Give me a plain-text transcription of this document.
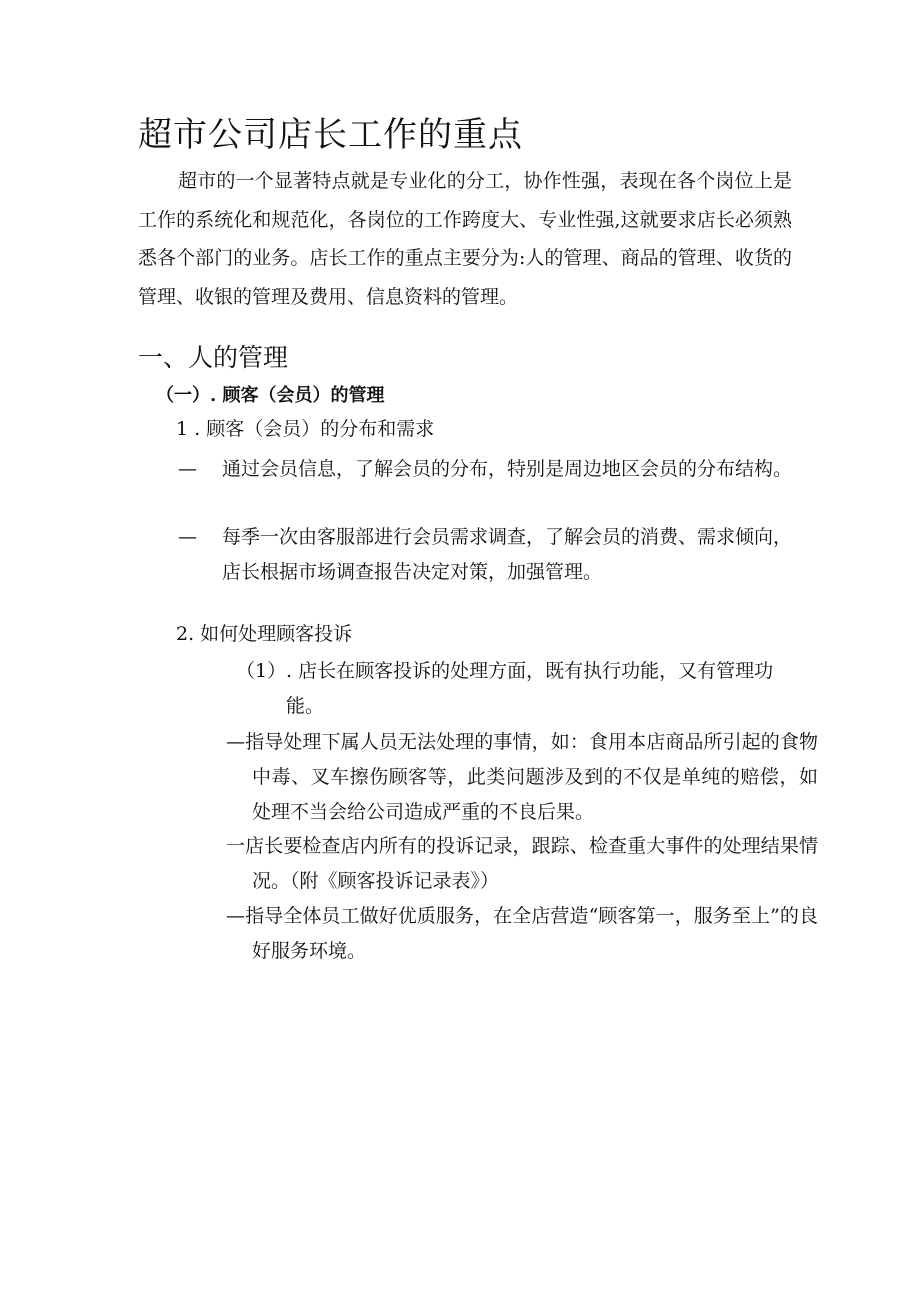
超市公司店长工作的重点

超市的一个显著特点就是专业化的分工，协作性强，表现在各个岗位上是工作的系统化和规范化，各岗位的工作跨度大、专业性强,这就要求店长必须熟悉各个部门的业务。店长工作的重点主要分为:人的管理、商品的管理、收货的管理、收银的管理及费用、信息资料的管理。

一、人的管理
（一）. 顾客（会员）的管理
1 . 顾客（会员）的分布和需求
—	通过会员信息，了解会员的分布，特别是周边地区会员的分布结构。
—	每季一次由客服部进行会员需求调查，了解会员的消费、需求倾向，店长根据市场调查报告决定对策，加强管理。
2. 如何处理顾客投诉
（1） . 店长在顾客投诉的处理方面，既有执行功能，又有管理功能。

—指导处理下属人员无法处理的事情，如：食用本店商品所引起的食物中毒、叉车擦伤顾客等，此类问题涉及到的不仅是单纯的赔偿，如处理不当会给公司造成严重的不良后果。

一店长要检查店内所有的投诉记录，跟踪、检查重大事件的处理结果情况。（附《顾客投诉记录表》）

—指导全体员工做好优质服务，在全店营造“顾客第一，服务至上”的良好服务环境。
